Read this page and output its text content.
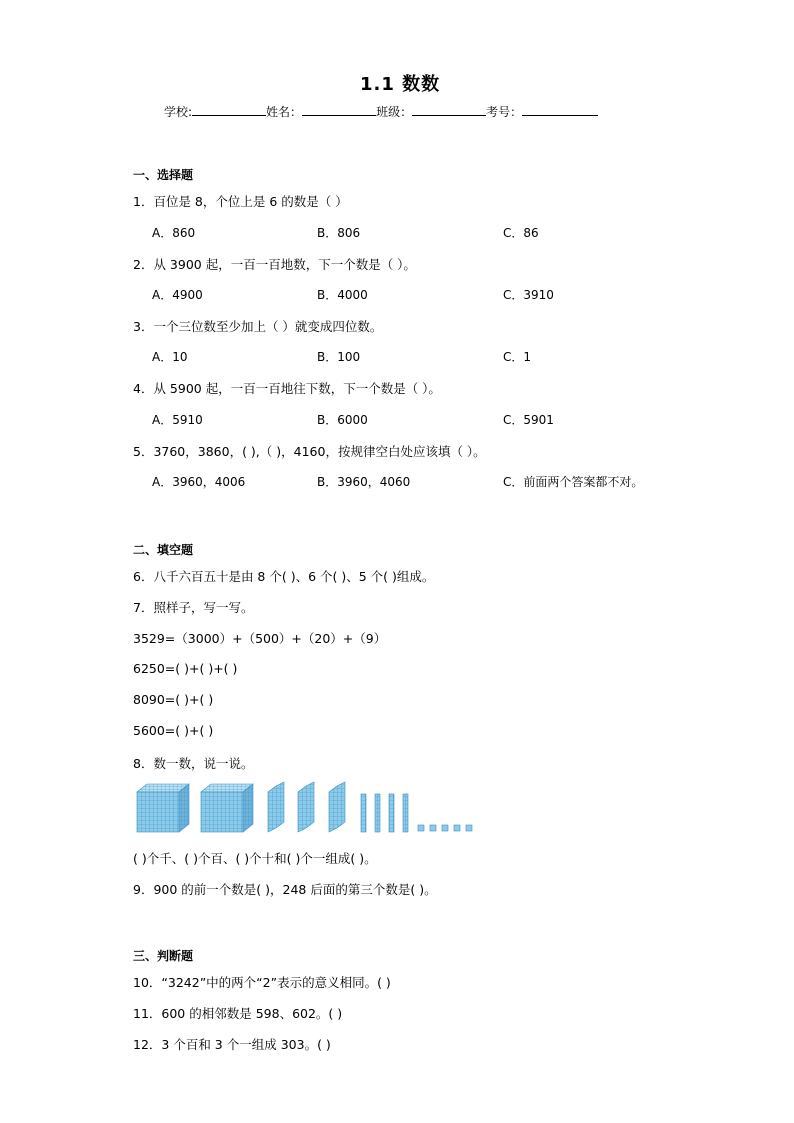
1.1 数数
学校:	姓名：	班级：	考号：
一、选择题
1．百位是 8，个位上是 6 的数是（ ）
A．860	B．806	C．86
2．从 3900 起，一百一百地数，下一个数是（ ）。
A．4900	B．4000	C．3910
3．一个三位数至少加上（ ）就变成四位数。
A．10	B．100	C．1
4．从 5900 起，一百一百地往下数，下一个数是（ ）。
A．5910	B．6000	C．5901
5．3760，3860，( ),（ )，4160，按规律空白处应该填（ ）。
A．3960，4006	B．3960，4060	C．前面两个答案都不对。
二、填空题
6．八千六百五十是由 8 个( )、6 个( )、5 个( )组成。
7．照样子，写一写。
3529=（3000）+（500）+（20）+（9）
6250=( )+( )+( )
8090=( )+( )
5600=( )+( )
8．数一数，说一说。
( )个千、( )个百、( )个十和( )个一组成( )。
9．900 的前一个数是( )，248 后面的第三个数是( )。
三、判断题
10．“3242”中的两个“2”表示的意义相同。( )
11．600 的相邻数是 598、602。( )
12．3 个百和 3 个一组成 303。( )
